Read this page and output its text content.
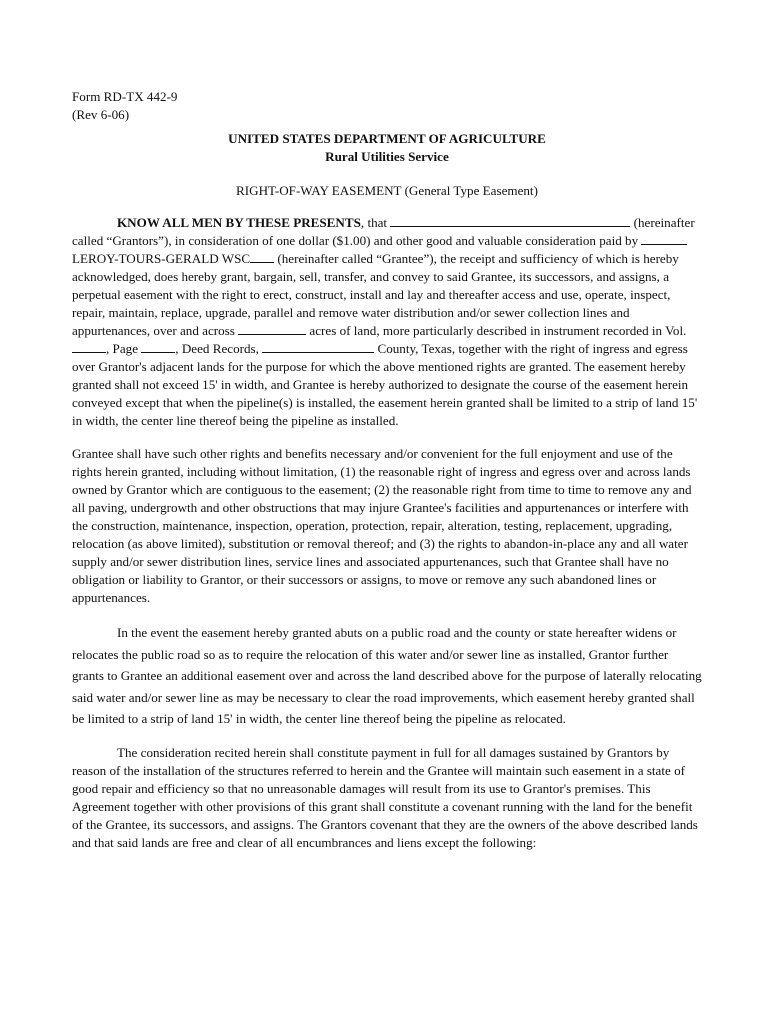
Form RD-TX 442-9
(Rev 6-06)
UNITED STATES DEPARTMENT OF AGRICULTURE
Rural Utilities Service
RIGHT-OF-WAY EASEMENT (General Type Easement)

KNOW ALL MEN BY THESE PRESENTS, that	(hereinafter called “Grantors”), in consideration of one dollar ($1.00) and other good and valuable consideration paid by LEROY-TOURS-GERALD WSC (hereinafter called “Grantee”), the receipt and sufficiency of which is hereby acknowledged, does hereby grant, bargain, sell, transfer, and convey to said Grantee, its successors, and assigns, a perpetual easement with the right to erect, construct, install and lay and thereafter access and use, operate, inspect, repair, maintain, replace, upgrade, parallel and remove water distribution and/or sewer collection lines and appurtenances, over and across	acres of land, more particularly described in instrument recorded in Vol., Page	, Deed Records,	County, Texas, together with the right of ingress and egress over Grantor's adjacent lands for the purpose for which the above mentioned rights are granted. The easement hereby granted shall not exceed 15' in width, and Grantee is hereby authorized to designate the course of the easement herein conveyed except that when the pipeline(s) is installed, the easement herein granted shall be limited to a strip of land 15' in width, the center line thereof being the pipeline as installed.

Grantee shall have such other rights and benefits necessary and/or convenient for the full enjoyment and use of the rights herein granted, including without limitation, (1) the reasonable right of ingress and egress over and across lands owned by Grantor which are contiguous to the easement; (2) the reasonable right from time to time to remove any and all paving, undergrowth and other obstructions that may injure Grantee's facilities and appurtenances or interfere with the construction, maintenance, inspection, operation, protection, repair, alteration, testing, replacement, upgrading, relocation (as above limited), substitution or removal thereof; and (3) the rights to abandon-in-place any and all water supply and/or sewer distribution lines, service lines and associated appurtenances, such that Grantee shall have no obligation or liability to Grantor, or their successors or assigns, to move or remove any such abandoned lines or appurtenances.

In the event the easement hereby granted abuts on a public road and the county or state hereafter widens or relocates the public road so as to require the relocation of this water and/or sewer line as installed, Grantor further grants to Grantee an additional easement over and across the land described above for the purpose of laterally relocating said water and/or sewer line as may be necessary to clear the road improvements, which easement hereby granted shall be limited to a strip of land 15' in width, the center line thereof being the pipeline as relocated.

The consideration recited herein shall constitute payment in full for all damages sustained by Grantors by reason of the installation of the structures referred to herein and the Grantee will maintain such easement in a state of good repair and efficiency so that no unreasonable damages will result from its use to Grantor's premises. This Agreement together with other provisions of this grant shall constitute a covenant running with the land for the benefit of the Grantee, its successors, and assigns. The Grantors covenant that they are the owners of the above described lands and that said lands are free and clear of all encumbrances and liens except the following:
